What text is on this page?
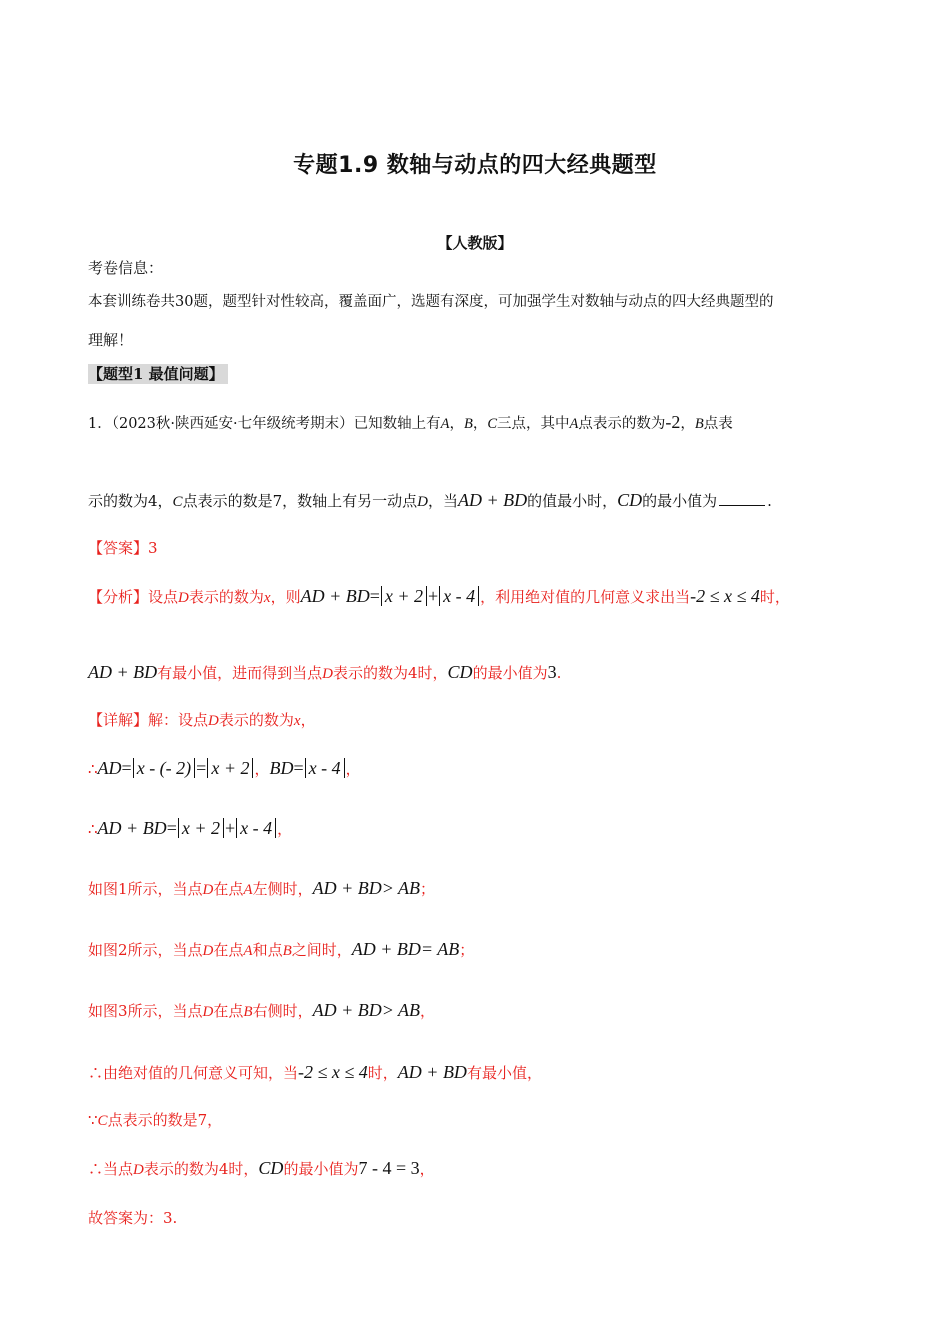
专题1.9 数轴与动点的四大经典题型
【人教版】
考卷信息：
本套训练卷共30题，题型针对性较高，覆盖面广，选题有深度，可加强学生对数轴与动点的四大经典题型的
理解！
【题型1 最值问题】
1．（2023秋·陕西延安·七年级统考期末）已知数轴上有A，B，C三点，其中A点表示的数为-2，B点表
示的数为4，C点表示的数是7，数轴上有另一动点D，当AD + BD的值最小时，CD的最小值为	.
【答案】3
【分析】设点D表示的数为x，则AD + BD= x + 2 + x - 4 ，利用绝对值的几何意义求出当-2 ≤ x ≤ 4时，
AD + BD有最小值，进而得到当点D表示的数为4时，CD的最小值为3.
【详解】解：设点D表示的数为x，
∴AD= x - (- 2) = x + 2 ，BD= x - 4 ，
∴AD + BD= x + 2 + x - 4 ，
如图1所示，当点D在点A左侧时，AD + BD> AB；
如图2所示，当点D在点A和点B之间时，AD + BD= AB；
如图3所示，当点D在点B右侧时，AD + BD> AB，
∴由绝对值的几何意义可知，当-2 ≤ x ≤ 4时，AD + BD有最小值，
∵C点表示的数是7，
∴当点D表示的数为4时，CD的最小值为7 - 4 = 3，
故答案为：3.
